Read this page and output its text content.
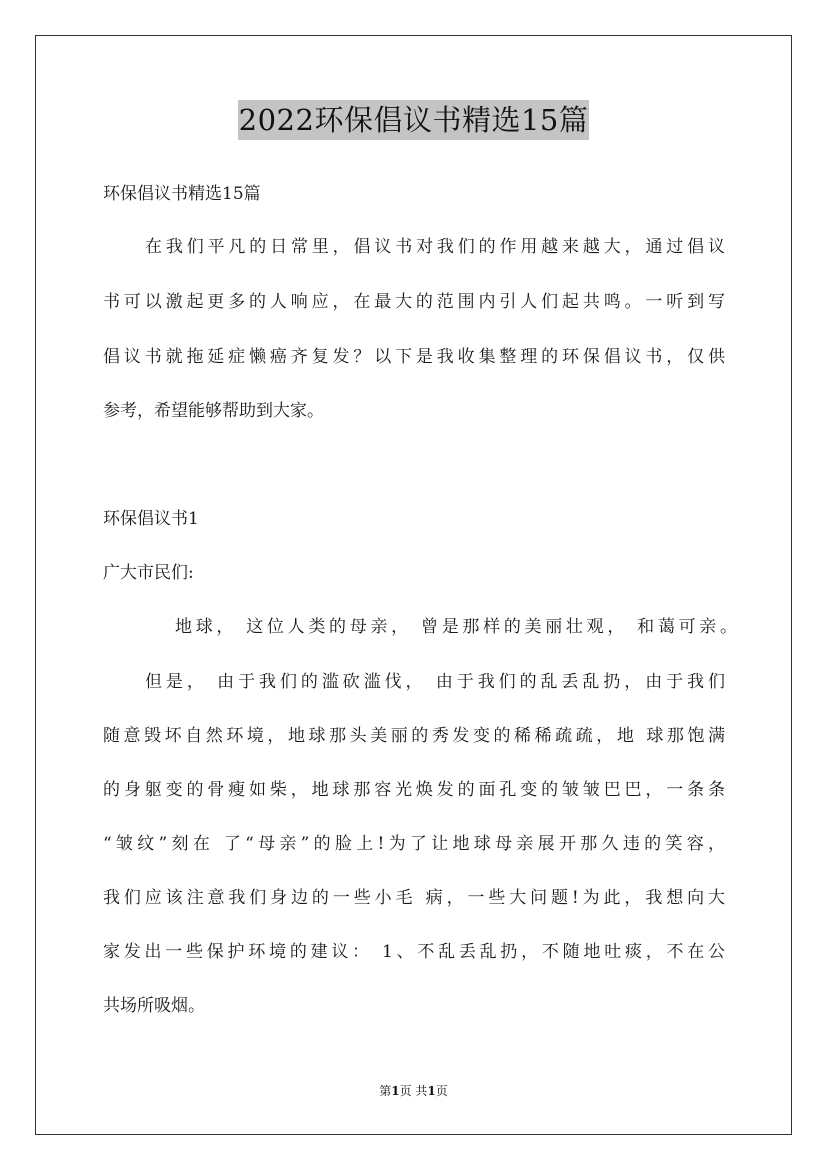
2022环保倡议书精选15篇
环保倡议书精选15篇
在我们平凡的日常里，倡议书对我们的作用越来越大，通过倡议
书可以激起更多的人响应，在最大的范围内引人们起共鸣。一听到写
倡议书就拖延症懒癌齐复发？以下是我收集整理的环保倡议书，仅供
参考，希望能够帮助到大家。
环保倡议书1
广大市民们:
地球， 这位人类的母亲， 曾是那样的美丽壮观， 和蔼可亲。
但是， 由于我们的滥砍滥伐， 由于我们的乱丢乱扔，由于我们
随意毁坏自然环境，地球那头美丽的秀发变的稀稀疏疏，地 球那饱满
的身躯变的骨瘦如柴，地球那容光焕发的面孔变的皱皱巴巴，一条条
“皱纹”刻在 了“母亲”的脸上!为了让地球母亲展开那久违的笑容，
我们应该注意我们身边的一些小毛 病，一些大问题!为此，我想向大
家发出一些保护环境的建议： 1、不乱丢乱扔，不随地吐痰，不在公
共场所吸烟。
第1页 共1页
